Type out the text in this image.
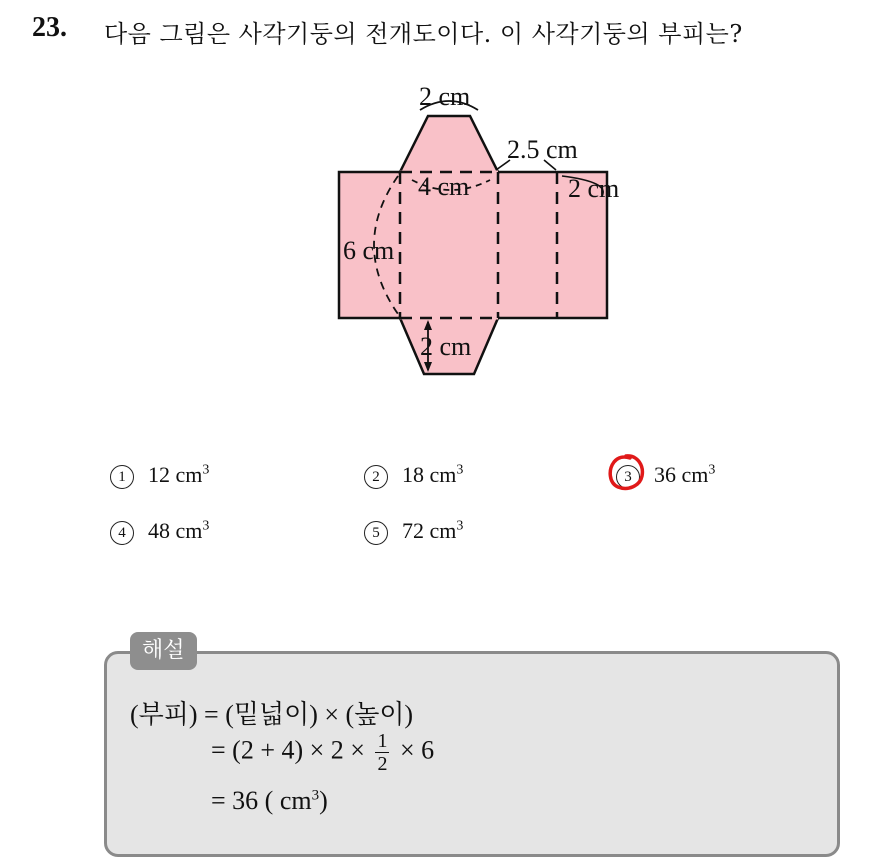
23. 다음 그림은 사각기둥의 전개도이다. 이 사각기둥의 부피는?
2 cm
2.5 cm
4 cm	2 cm
6 cm
2 cm
1 12 $cm^3$	2 18 $cm^3$	3 36 $cm^3$
4 48 $cm^3$	5 72 $cm^3$
해설
(부피) = (밑넓이) × (높이)
= $(2 + 4) \times 2 \times \frac{1}{2} \times 6$
= 36 ( $cm^3$)
